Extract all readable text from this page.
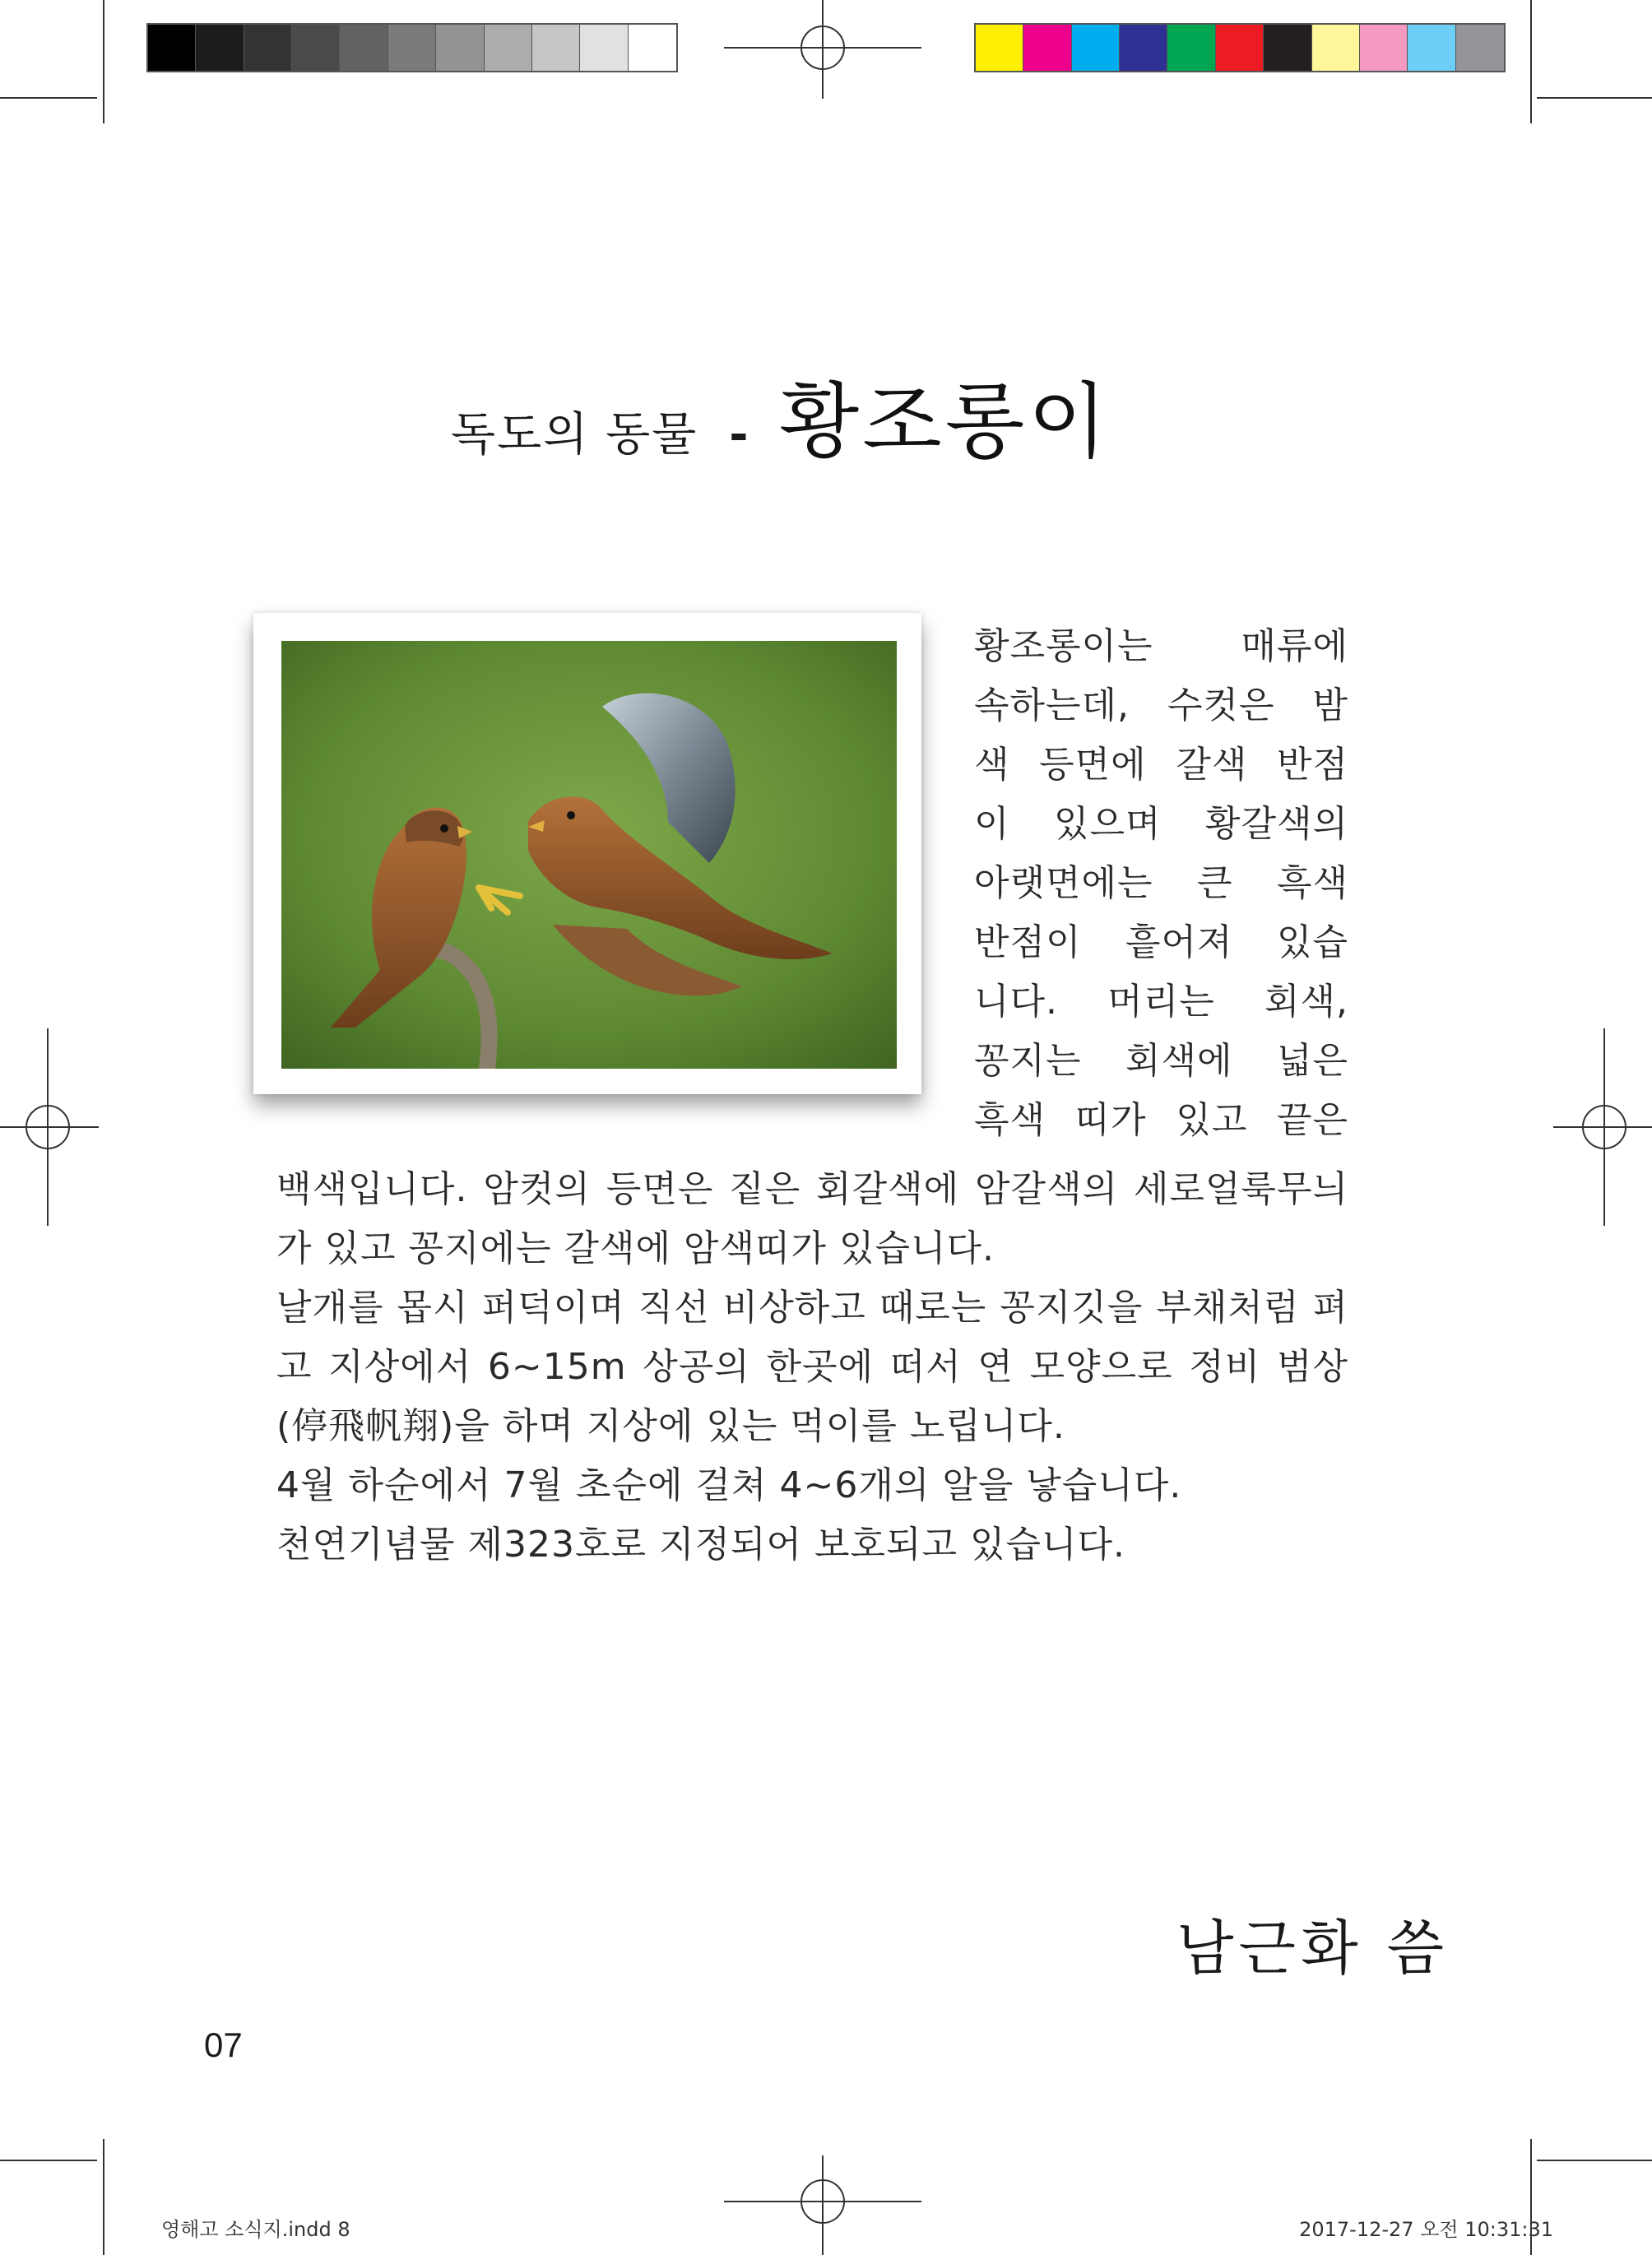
독도의 동물 - 황조롱이
황조롱이는 매류에
속하는데, 수컷은 밤
색 등면에 갈색 반점
이 있으며 황갈색의
아랫면에는 큰 흑색
반점이 흩어져 있습
니다. 머리는 회색,
꽁지는 회색에 넓은
흑색 띠가 있고 끝은

백색입니다. 암컷의 등면은 짙은 회갈색에 암갈색의 세로얼룩무늬가 있고 꽁지에는 갈색에 암색띠가 있습니다.

날개를 몹시 퍼덕이며 직선 비상하고 때로는 꽁지깃을 부채처럼 펴고 지상에서 6~15m 상공의 한곳에 떠서 연 모양으로 정비 범상(停飛帆翔)을 하며 지상에 있는 먹이를 노립니다.

4월 하순에서 7월 초순에 걸쳐 4~6개의 알을 낳습니다.

천연기념물 제323호로 지정되어 보호되고 있습니다.

남근화 씀
07
영해고 소식지.indd 8	2017-12-27 오전 10:31:31
